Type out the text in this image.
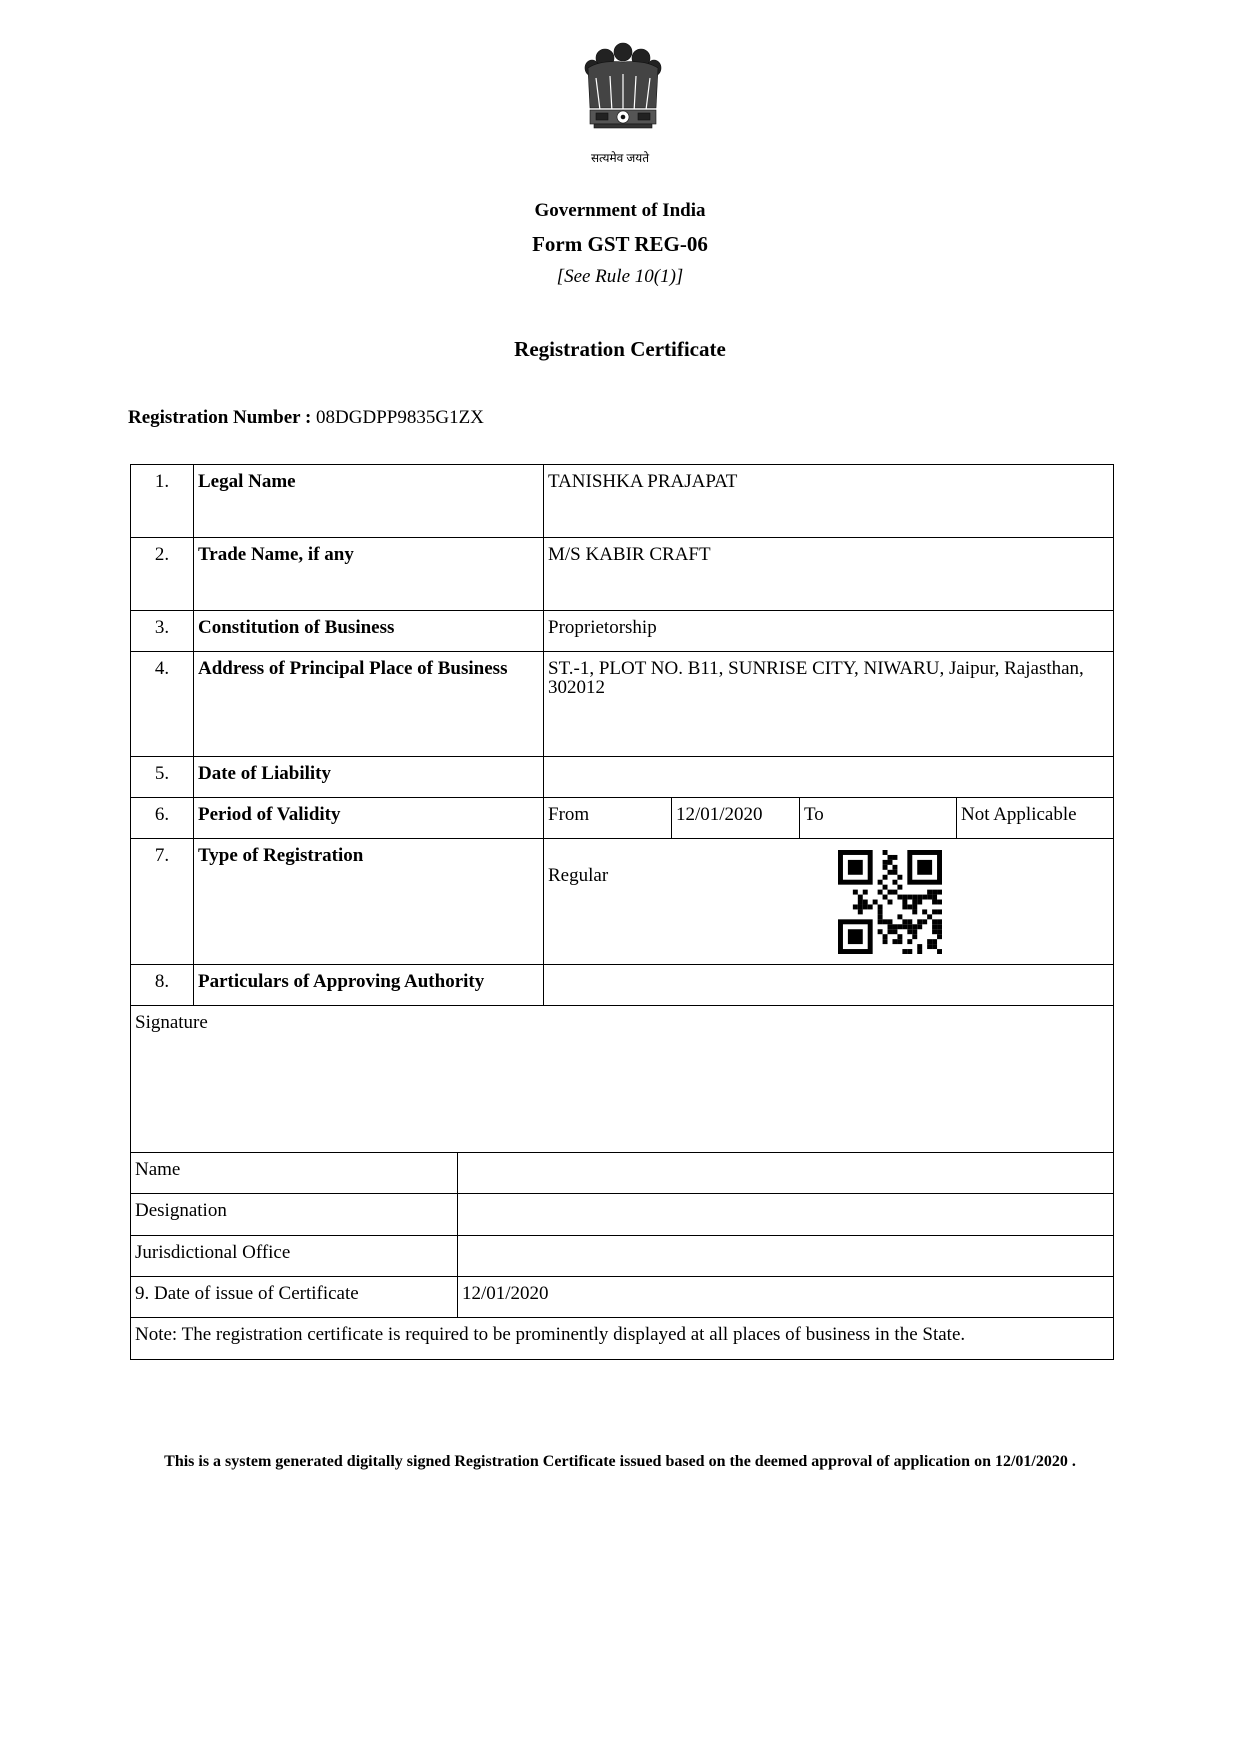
सत्यमेव जयते
Government of India
Form GST REG-06
[See Rule 10(1)]
Registration Certificate
Registration Number : 08DGDPP9835G1ZX
1.	Legal Name	TANISHKA PRAJAPAT			
2.	Trade Name, if any	M/S KABIR CRAFT			
3.	Constitution of Business	Proprietorship			
4.	Address of Principal Place of Business	ST.-1, PLOT NO. B11, SUNRISE CITY, NIWARU, Jaipur, Rajasthan, 302012			
5.	Date of Liability				
6.	Period of Validity	From	12/01/2020	To	Not Applicable
7.	Type of Registration	Regular			

8.	Particulars of Approving Authority				
Signature	
Name	
Designation	
Jurisdictional Office	
9. Date of issue of Certificate	12/01/2020
Note: The registration certificate is required to be prominently displayed at all places of business in the State.	
This is a system generated digitally signed Registration Certificate issued based on the deemed approval of application on 12/01/2020 .
